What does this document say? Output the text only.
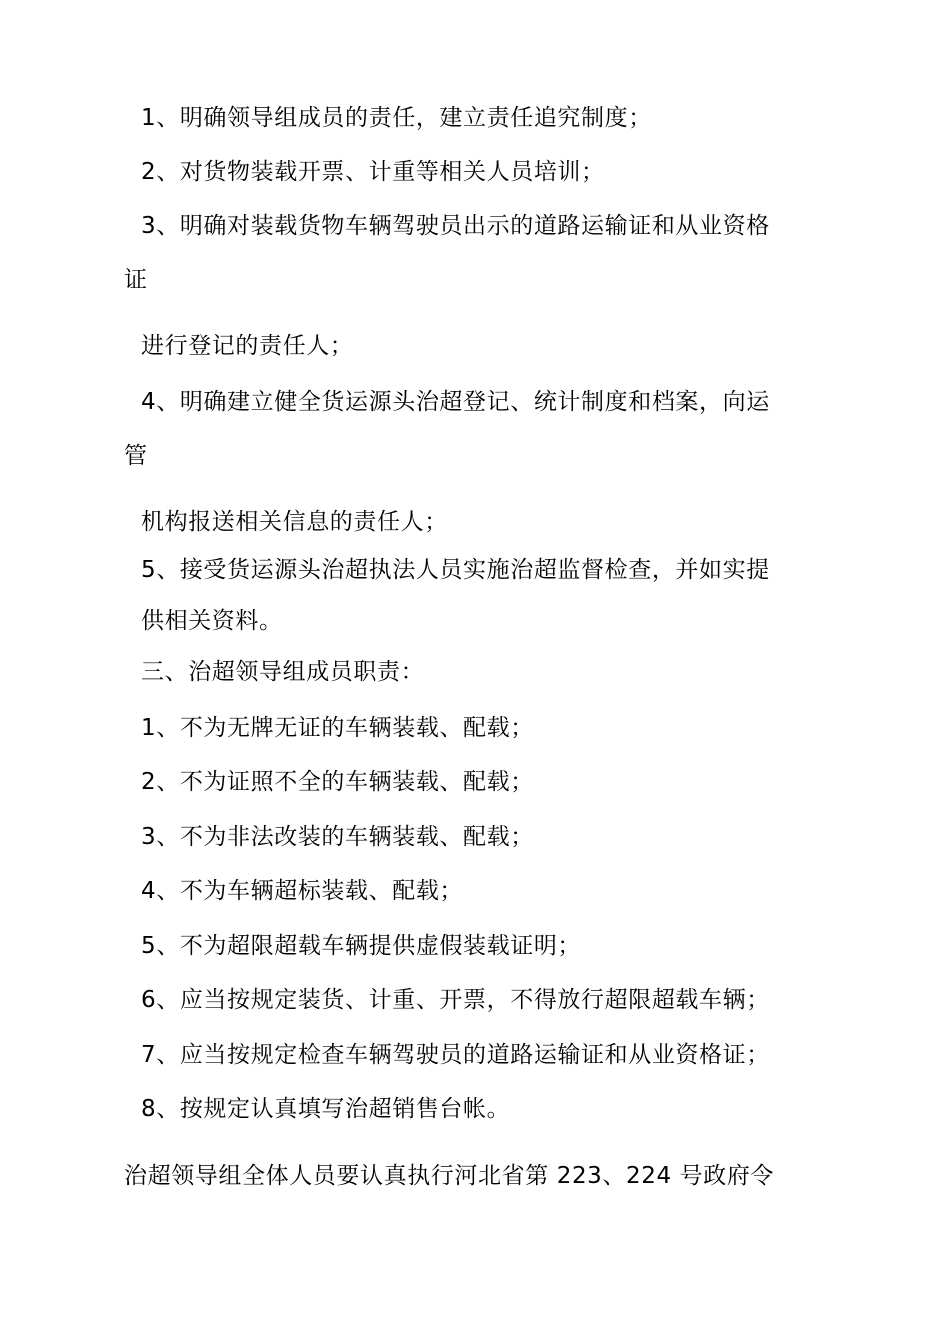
1、明确领导组成员的责任，建立责任追究制度；
2、对货物装载开票、计重等相关人员培训；
3、明确对装载货物车辆驾驶员出示的道路运输证和从业资格
证
进行登记的责任人；
4、明确建立健全货运源头治超登记、统计制度和档案，向运
管
机构报送相关信息的责任人；
5、接受货运源头治超执法人员实施治超监督检查，并如实提
供相关资料。
三、治超领导组成员职责：
1、不为无牌无证的车辆装载、配载；
2、不为证照不全的车辆装载、配载；
3、不为非法改装的车辆装载、配载；
4、不为车辆超标装载、配载；
5、不为超限超载车辆提供虚假装载证明；
6、应当按规定装货、计重、开票，不得放行超限超载车辆；
7、应当按规定检查车辆驾驶员的道路运输证和从业资格证；
8、按规定认真填写治超销售台帐。
治超领导组全体人员要认真执行河北省第 223、224 号政府令
